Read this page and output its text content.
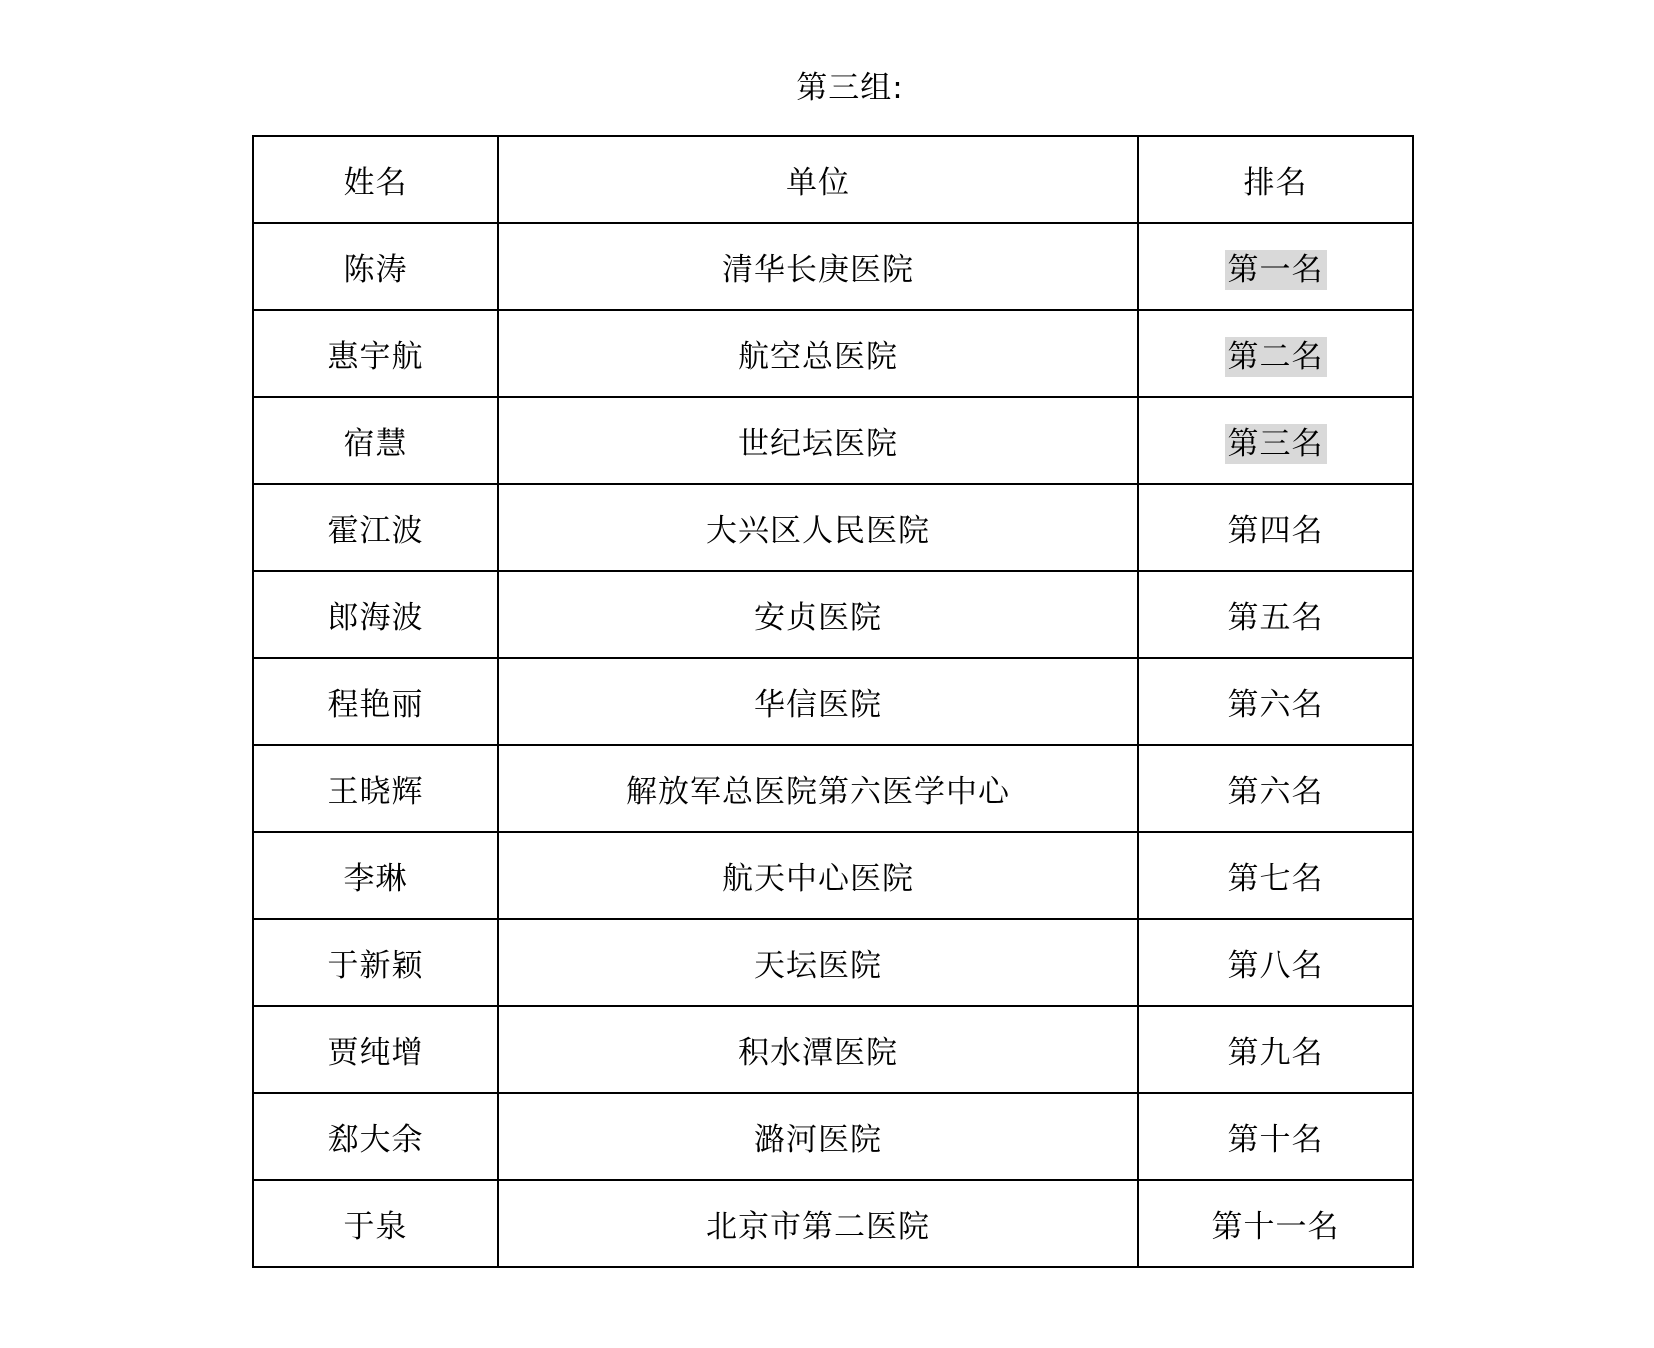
第三组:
姓名	单位	排名
陈涛	清华长庚医院	第一名
惠宇航	航空总医院	第二名
宿慧	世纪坛医院	第三名
霍江波	大兴区人民医院	第四名
郎海波	安贞医院	第五名
程艳丽	华信医院	第六名
王晓辉	解放军总医院第六医学中心	第六名
李琳	航天中心医院	第七名
于新颖	天坛医院	第八名
贾纯增	积水潭医院	第九名
郄大余	潞河医院	第十名
于泉	北京市第二医院	第十一名
